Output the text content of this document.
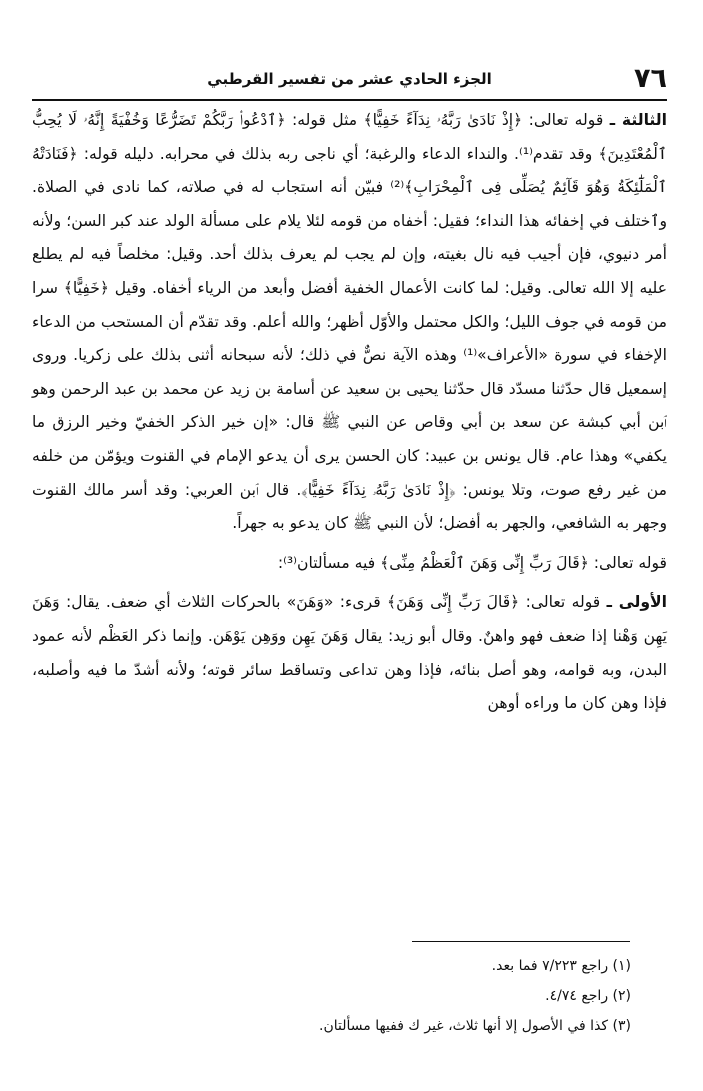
٧٦
الجزء الحادي عشر من تفسير القرطبي

الثالثة ـ قوله تعالى: ﴿إِذْ نَادَىٰ رَبَّهُۥ نِدَآءً خَفِيًّا﴾ مثل قوله: ﴿ٱدْعُوا۟ رَبَّكُمْ تَضَرُّعًا وَخُفْيَةً إِنَّهُۥ لَا يُحِبُّ ٱلْمُعْتَدِينَ﴾ وقد تقدم⁽¹⁾. والنداء الدعاء والرغبة؛ أي ناجى ربه بذلك في محرابه. دليله قوله: ﴿فَنَادَتْهُ ٱلْمَلَٰٓئِكَةُ وَهُوَ قَآئِمٌ يُصَلِّى فِى ٱلْمِحْرَابِ﴾⁽²⁾ فبيّن أنه استجاب له في صلاته، كما نادى في الصلاة. وٱختلف في إخفائه هذا النداء؛ فقيل: أخفاه من قومه لئلا يلام على مسألة الولد عند كبر السن؛ ولأنه أمر دنيوي، فإن أجيب فيه نال بغيته، وإن لم يجب لم يعرف بذلك أحد. وقيل: مخلصاً فيه لم يطلع عليه إلا الله تعالى. وقيل: لما كانت الأعمال الخفية أفضل وأبعد من الرياء أخفاه. وقيل ﴿خَفِيًّا﴾ سرا من قومه في جوف الليل؛ والكل محتمل والأوّل أظهر؛ والله أعلم. وقد تقدّم أن المستحب من الدعاء الإخفاء في سورة «الأعراف»⁽¹⁾ وهذه الآية نصٌّ في ذلك؛ لأنه سبحانه أثنى بذلك على زكريا. وروى إسمعيل قال حدّثنا مسدّد قال حدّثنا يحيى بن سعيد عن أسامة بن زيد عن محمد بن عبد الرحمن وهو ٱبن أبي كبشة عن سعد بن أبي وقاص عن النبي ﷺ قال: «إن خير الذكر الخفيّ وخير الرزق ما يكفي» وهذا عام. قال يونس بن عبيد: كان الحسن يرى أن يدعو الإمام في القنوت ويؤمّن من خلفه من غير رفع صوت، وتلا يونس: ﴿إِذْ نَادَىٰ رَبَّهُۥ نِدَآءً خَفِيًّا﴾. قال ٱبن العربي: وقد أسر مالك القنوت وجهر به الشافعي، والجهر به أفضل؛ لأن النبي ﷺ كان يدعو به جهراً.

قوله تعالى: ﴿قَالَ رَبِّ إِنِّى وَهَنَ ٱلْعَظْمُ مِنِّى﴾ فيه مسألتان⁽³⁾:

الأولى ـ قوله تعالى: ﴿قَالَ رَبِّ إِنِّى وَهَنَ﴾ قرىء: «وَهَنَ» بالحركات الثلاث أي ضعف. يقال: وَهَنَ يَهِن وَهْنا إذا ضعف فهو واهنٌ. وقال أبو زيد: يقال وَهَنَ يَهِن ووَهِن يَوْهَن. وإنما ذكر العَظْم لأنه عمود البدن، وبه قوامه، وهو أصل بنائه، فإذا وهن تداعى وتساقط سائر قوته؛ ولأنه أشدّ ما فيه وأصلبه، فإذا وهن كان ما وراءه أوهن

(١) راجع ٧/٢٢٣ فما بعد.
(٢) راجع ٤/٧٤.
(٣) كذا في الأصول إلا أنها ثلاث، غير ك ففيها مسألتان.
